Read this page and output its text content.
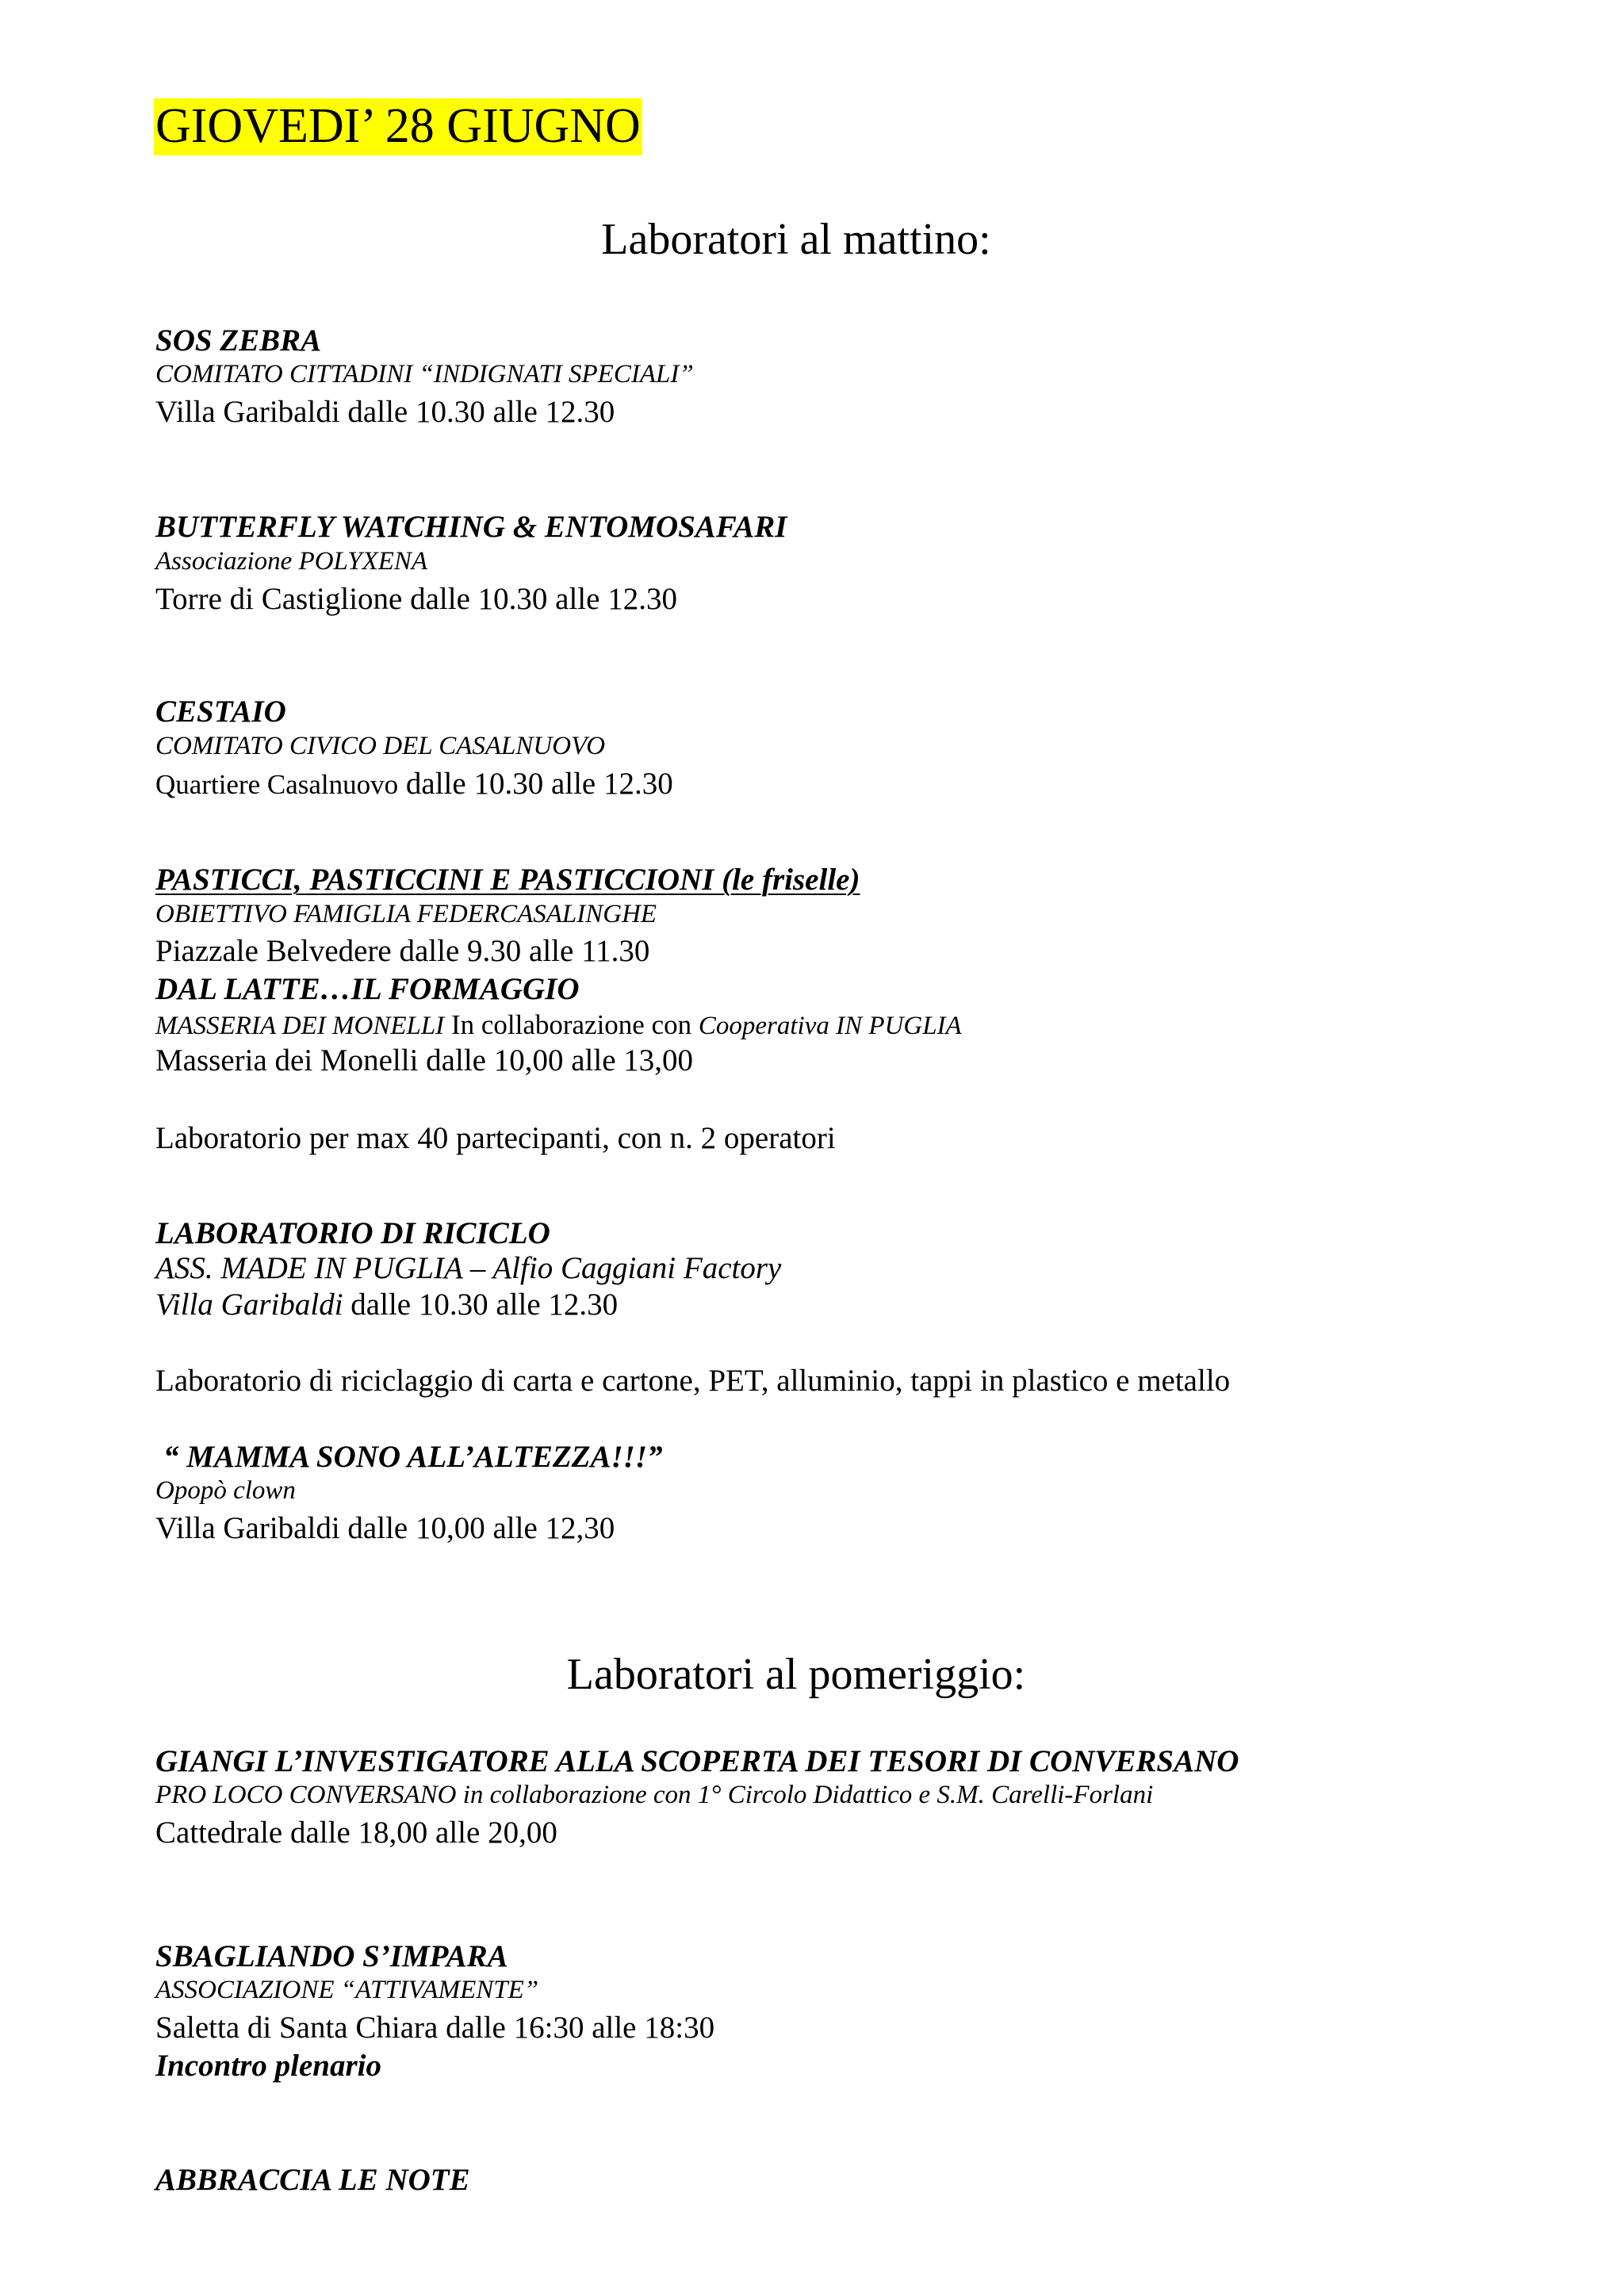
GIOVEDI’ 28 GIUGNO
Laboratori al mattino:
SOS ZEBRA
COMITATO CITTADINI “INDIGNATI SPECIALI”
Villa Garibaldi dalle 10.30 alle 12.30
BUTTERFLY WATCHING & ENTOMOSAFARI
Associazione POLYXENA
Torre di Castiglione dalle 10.30 alle 12.30
CESTAIO
COMITATO CIVICO DEL CASALNUOVO
Quartiere Casalnuovo dalle 10.30 alle 12.30
PASTICCI, PASTICCINI E PASTICCIONI (le friselle)
OBIETTIVO FAMIGLIA FEDERCASALINGHE
Piazzale Belvedere dalle 9.30 alle 11.30
DAL LATTE…IL FORMAGGIO
MASSERIA DEI MONELLI In collaborazione con Cooperativa IN PUGLIA
Masseria dei Monelli dalle 10,00 alle 13,00
Laboratorio per max 40 partecipanti, con n. 2 operatori
LABORATORIO DI RICICLO
ASS. MADE IN PUGLIA – Alfio Caggiani Factory
Villa Garibaldi dalle 10.30 alle 12.30
Laboratorio di riciclaggio di carta e cartone, PET, alluminio, tappi in plastico e metallo
“ MAMMA SONO ALL’ALTEZZA!!!”
Opopò clown
Villa Garibaldi dalle 10,00 alle 12,30
Laboratori al pomeriggio:
GIANGI L’INVESTIGATORE ALLA SCOPERTA DEI TESORI DI CONVERSANO
PRO LOCO CONVERSANO in collaborazione con 1° Circolo Didattico e S.M. Carelli-Forlani
Cattedrale dalle 18,00 alle 20,00
SBAGLIANDO S’IMPARA
ASSOCIAZIONE “ATTIVAMENTE”
Saletta di Santa Chiara dalle 16:30 alle 18:30
Incontro plenario
ABBRACCIA LE NOTE
